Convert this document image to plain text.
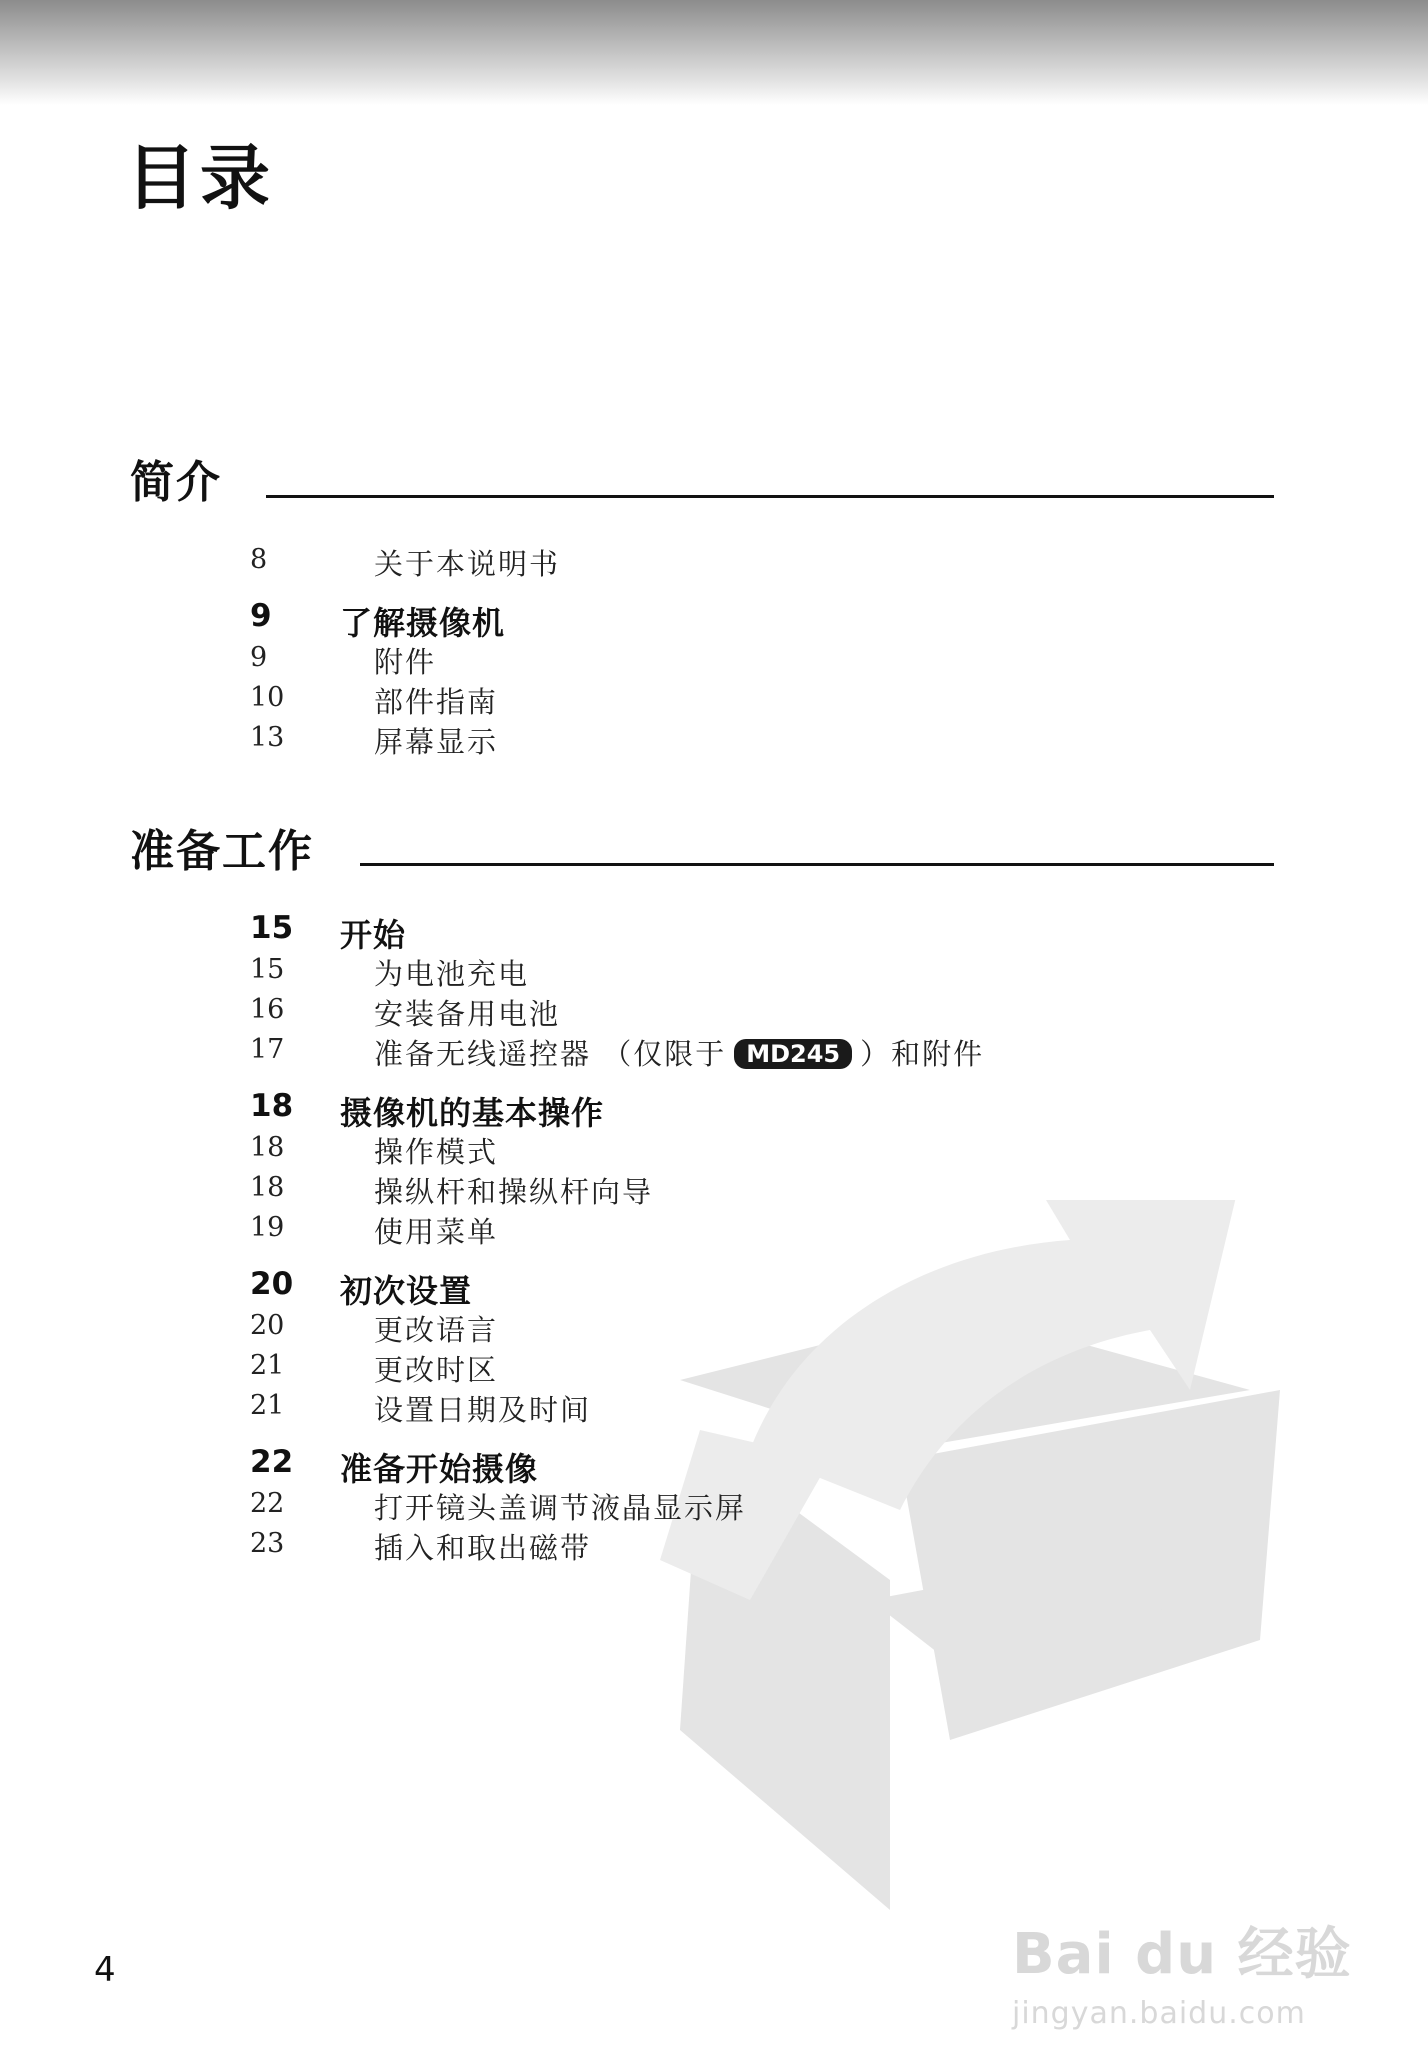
目录
Bai du 经验
jingyan.baidu.com
简介
8	关于本说明书
9 了解摄像机
9	附件
10	部件指南
13	屏幕显示
准备工作
15 开始
15	为电池充电
16	安装备用电池
17	准备无线遥控器 （仅限于 MD245 ）和附件
18 摄像机的基本操作
18	操作模式
18	操纵杆和操纵杆向导
19	使用菜单
20 初次设置
20	更改语言
21	更改时区
21	设置日期及时间
22 准备开始摄像
22	打开镜头盖调节液晶显示屏
23	插入和取出磁带
4
